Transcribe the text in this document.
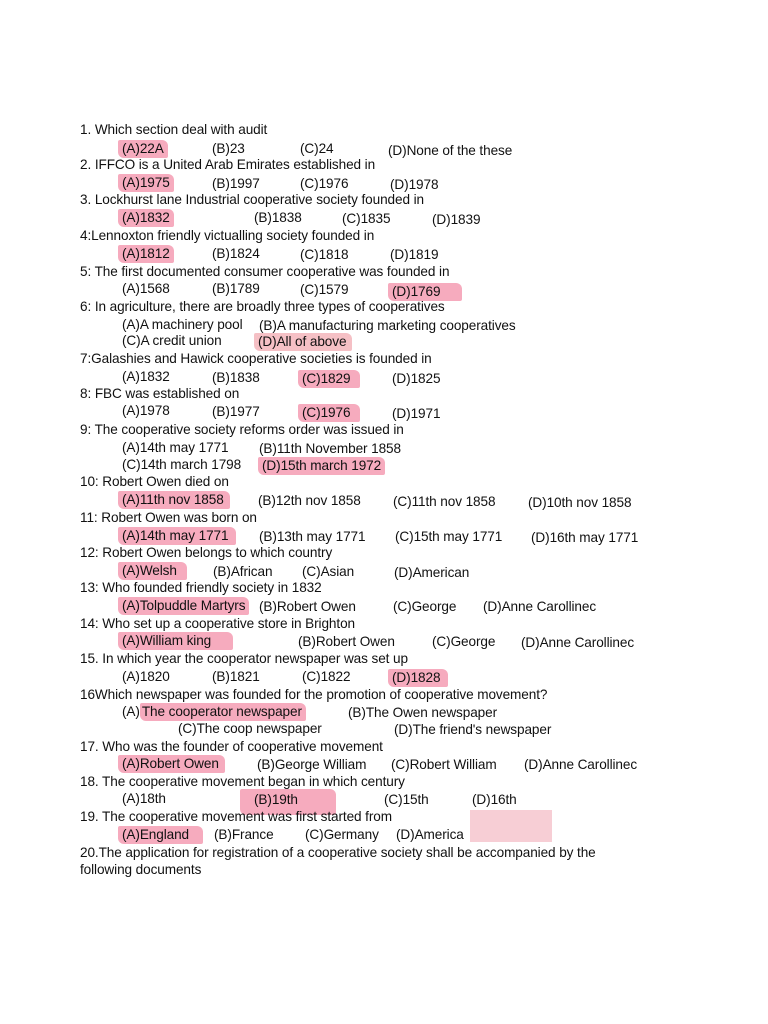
1. Which section deal with audit
(A)22A	(B)23	(C)24	(D)None of the these
2. IFFCO is a United Arab Emirates established in
(A)1975	(B)1997	(C)1976	(D)1978
3. Lockhurst lane Industrial cooperative society founded in
(A)1832	(B)1838	(C)1835	(D)1839
4:Lennoxton friendly victualling society founded in
(A)1812	(B)1824	(C)1818	(D)1819
5: The first documented consumer cooperative was founded in
(A)1568	(B)1789	(C)1579	(D)1769
6: In agriculture, there are broadly three types of cooperatives
(A)A machinery pool (B)A manufacturing marketing cooperatives
(C)A credit union	(D)All of above
7:Galashies and Hawick cooperative societies is founded in
(A)1832	(B)1838	(C)1829	(D)1825
8: FBC was established on
(A)1978	(B)1977	(C)1976	(D)1971
9: The cooperative society reforms order was issued in
(A)14th may 1771 (B)11th November 1858
(C)14th march 1798 (D)15th march 1972
10: Robert Owen died on
(A)11th nov 1858	(B)12th nov 1858 (C)11th nov 1858 (D)10th nov 1858
11: Robert Owen was born on
(A)14th may 1771	(B)13th may 1771 (C)15th may 1771 (D)16th may 1771
12: Robert Owen belongs to which country
(A)Welsh	(B)African (C)Asian	(D)American
13: Who founded friendly society in 1832
(A)Tolpuddle Martyrs (B)Robert Owen	(C)George (D)Anne Carollinec
14: Who set up a cooperative store in Brighton
(A)William king	(B)Robert Owen	(C)George (D)Anne Carollinec
15. In which year the cooperator newspaper was set up
(A)1820	(B)1821	(C)1822	(D)1828
16Which newspaper was founded for the promotion of cooperative movement?
(A) The cooperator newspaper	(B)The Owen newspaper
(C)The coop newspaper	(D)The friend's newspaper
17. Who was the founder of cooperative movement
(A)Robert Owen	(B)George William (C)Robert William (D)Anne Carollinec
18. The cooperative movement began in which century
(A)18th	(B)19th	(C)15th	(D)16th
19. The cooperative movement was first started from
(A)England	(B)France (C)Germany (D)America
20.The application for registration of a cooperative society shall be accompanied by the
following documents
